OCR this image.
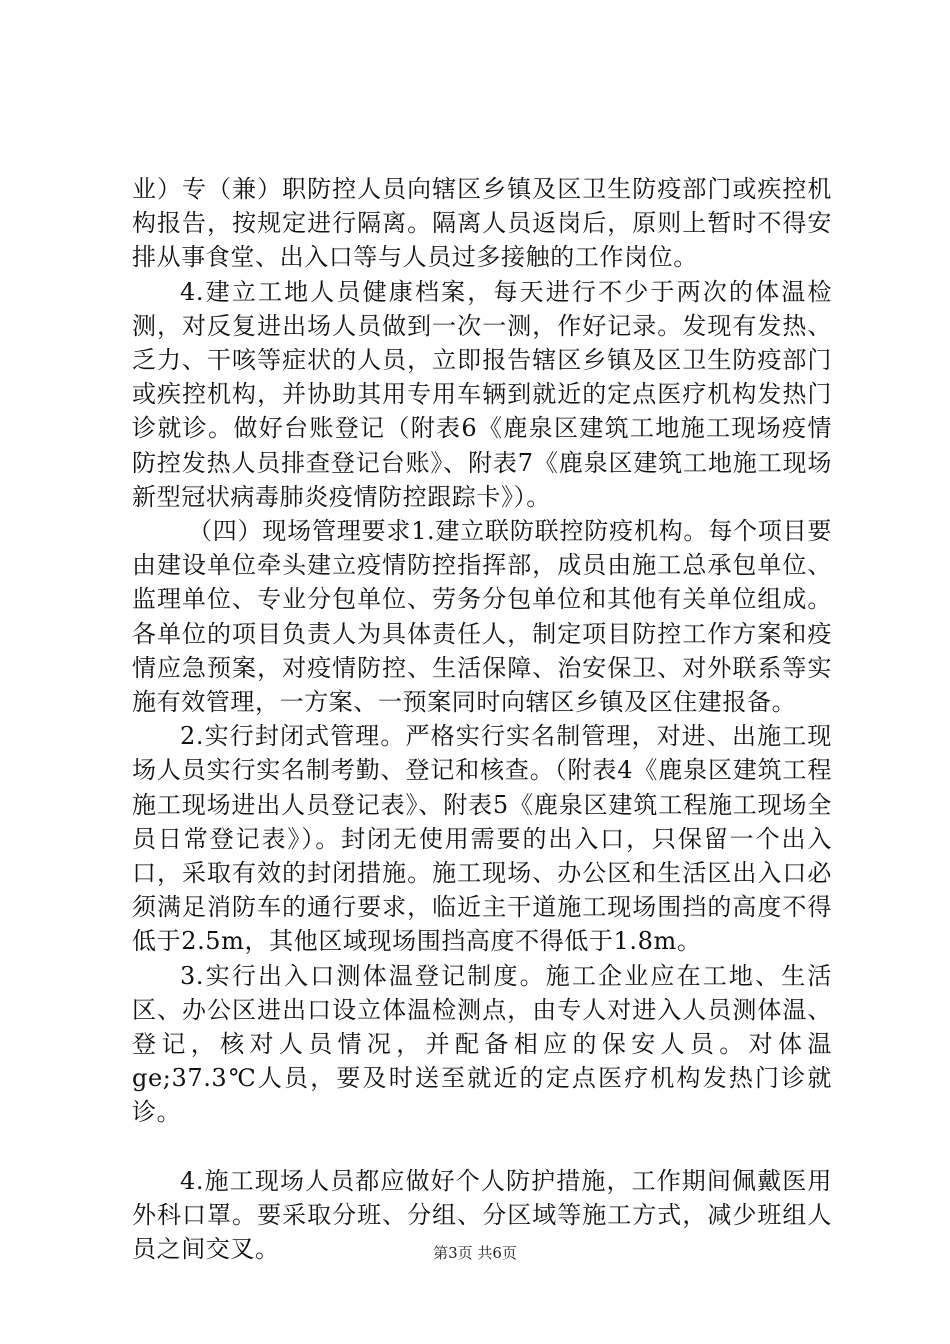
业）专（兼）职防控人员向辖区乡镇及区卫生防疫部门或疾控机构报告，按规定进行隔离。隔离人员返岗后，原则上暂时不得安排从事食堂、出入口等与人员过多接触的工作岗位。

4.建立工地人员健康档案，每天进行不少于两次的体温检测，对反复进出场人员做到一次一测，作好记录。发现有发热、乏力、干咳等症状的人员，立即报告辖区乡镇及区卫生防疫部门或疾控机构，并协助其用专用车辆到就近的定点医疗机构发热门诊就诊。做好台账登记（附表6《鹿泉区建筑工地施工现场疫情防控发热人员排查登记台账》、附表7《鹿泉区建筑工地施工现场新型冠状病毒肺炎疫情防控跟踪卡》）。

（四）现场管理要求1.建立联防联控防疫机构。每个项目要由建设单位牵头建立疫情防控指挥部，成员由施工总承包单位、监理单位、专业分包单位、劳务分包单位和其他有关单位组成。各单位的项目负责人为具体责任人，制定项目防控工作方案和疫情应急预案，对疫情防控、生活保障、治安保卫、对外联系等实施有效管理，一方案、一预案同时向辖区乡镇及区住建报备。

2.实行封闭式管理。严格实行实名制管理，对进、出施工现场人员实行实名制考勤、登记和核查。（附表4《鹿泉区建筑工程施工现场进出人员登记表》、附表5《鹿泉区建筑工程施工现场全员日常登记表》）。封闭无使用需要的出入口，只保留一个出入口，采取有效的封闭措施。施工现场、办公区和生活区出入口必须满足消防车的通行要求，临近主干道施工现场围挡的高度不得低于2.5m，其他区域现场围挡高度不得低于1.8m。

3.实行出入口测体温登记制度。施工企业应在工地、生活区、办公区进出口设立体温检测点，由专人对进入人员测体温、登记，核对人员情况，并配备相应的保安人员。对体温ge;37.3℃人员，要及时送至就近的定点医疗机构发热门诊就诊。

4.施工现场人员都应做好个人防护措施，工作期间佩戴医用外科口罩。要采取分班、分组、分区域等施工方式，减少班组人员之间交叉。	第3页 共6页
